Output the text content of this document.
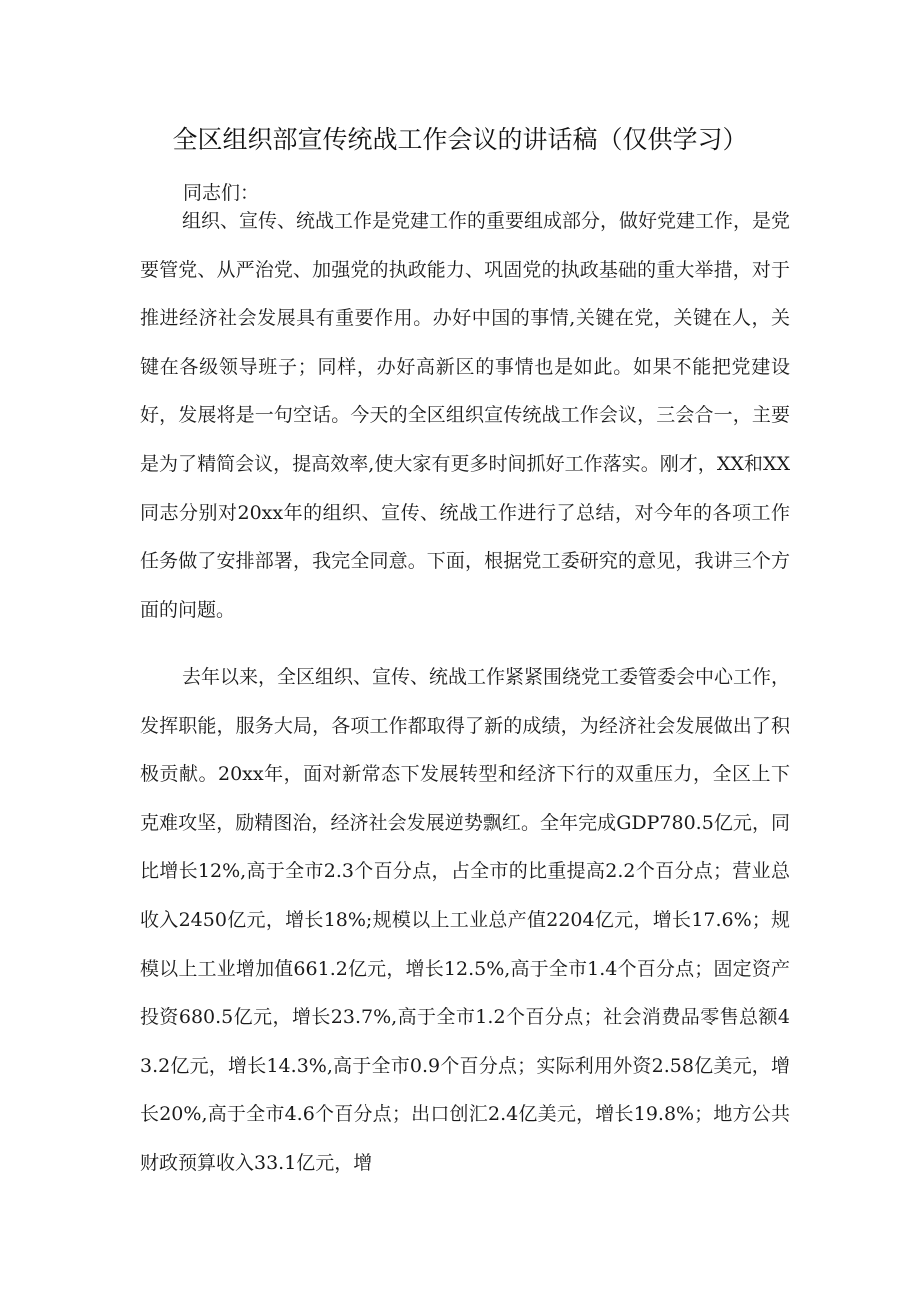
全区组织部宣传统战工作会议的讲话稿（仅供学习）
同志们：

组织、宣传、统战工作是党建工作的重要组成部分，做好党建工作，是党要管党、从严治党、加强党的执政能力、巩固党的执政基础的重大举措，对于推进经济社会发展具有重要作用。办好中国的事情,关键在党，关键在人，关键在各级领导班子；同样，办好高新区的事情也是如此。如果不能把党建设好，发展将是一句空话。今天的全区组织宣传统战工作会议，三会合一，主要是为了精简会议，提高效率,使大家有更多时间抓好工作落实。刚才，XX和XX同志分别对20xx年的组织、宣传、统战工作进行了总结，对今年的各项工作任务做了安排部署，我完全同意。下面，根据党工委研究的意见，我讲三个方面的问题。

去年以来，全区组织、宣传、统战工作紧紧围绕党工委管委会中心工作，发挥职能，服务大局，各项工作都取得了新的成绩，为经济社会发展做出了积极贡献。20xx年，面对新常态下发展转型和经济下行的双重压力，全区上下克难攻坚，励精图治，经济社会发展逆势飘红。全年完成GDP780.5亿元，同比增长12%,高于全市2.3个百分点，占全市的比重提高2.2个百分点；营业总收入2450亿元，增长18%;规模以上工业总产值2204亿元，增长17.6%；规模以上工业增加值661.2亿元，增长12.5%,高于全市1.4个百分点；固定资产投资680.5亿元，增长23.7%,高于全市1.2个百分点；社会消费品零售总额43.2亿元，增长14.3%,高于全市0.9个百分点；实际利用外资2.58亿美元，增长20%,高于全市4.6个百分点；出口创汇2.4亿美元，增长19.8%；地方公共财政预算收入33.1亿元，增
